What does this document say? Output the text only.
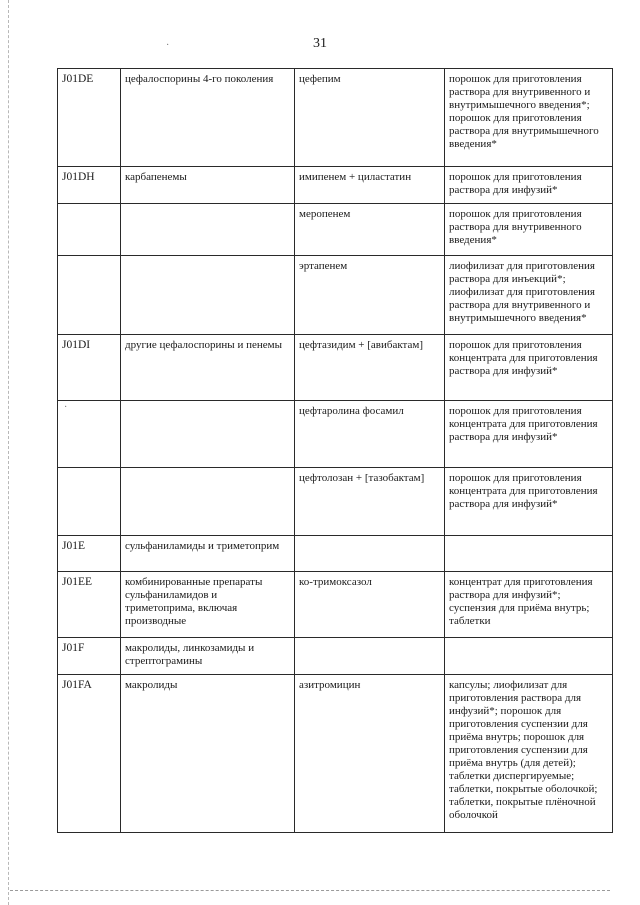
·
·
31
J01DE	цефалоспорины 4-го поколения	цефепим	порошок для приготовления раствора для внутривенного и внутримышечного введения*; порошок для приготовления раствора для внутримышечного введения*
J01DH	карбапенемы	имипенем + циластатин	порошок для приготовления раствора для инфузий*
		меропенем	порошок для приготовления раствора для внутривенного введения*
		эртапенем	лиофилизат для приготовления раствора для инъекций*; лиофилизат для приготовления раствора для внутривенного и внутримышечного введения*
J01DI	другие цефалоспорины и пенемы	цефтазидим + [авибактам]	порошок для приготовления концентрата для приготовления раствора для инфузий*
		цефтаролина фосамил	порошок для приготовления концентрата для приготовления раствора для инфузий*
		цефтолозан + [тазобактам]	порошок для приготовления концентрата для приготовления раствора для инфузий*
J01E	сульфаниламиды и триметоприм		
J01EE	комбинированные препараты сульфаниламидов и триметоприма, включая производные	ко-тримоксазол	концентрат для приготовления раствора для инфузий*; суспензия для приёма внутрь; таблетки
J01F	макролиды, линкозамиды и стрептограмины		
J01FA	макролиды	азитромицин	капсулы; лиофилизат для приготовления раствора для инфузий*; порошок для приготовления суспензии для приёма внутрь; порошок для приготовления суспензии для приёма внутрь (для детей); таблетки диспергируемые; таблетки, покрытые оболочкой; таблетки, покрытые плёночной оболочкой
